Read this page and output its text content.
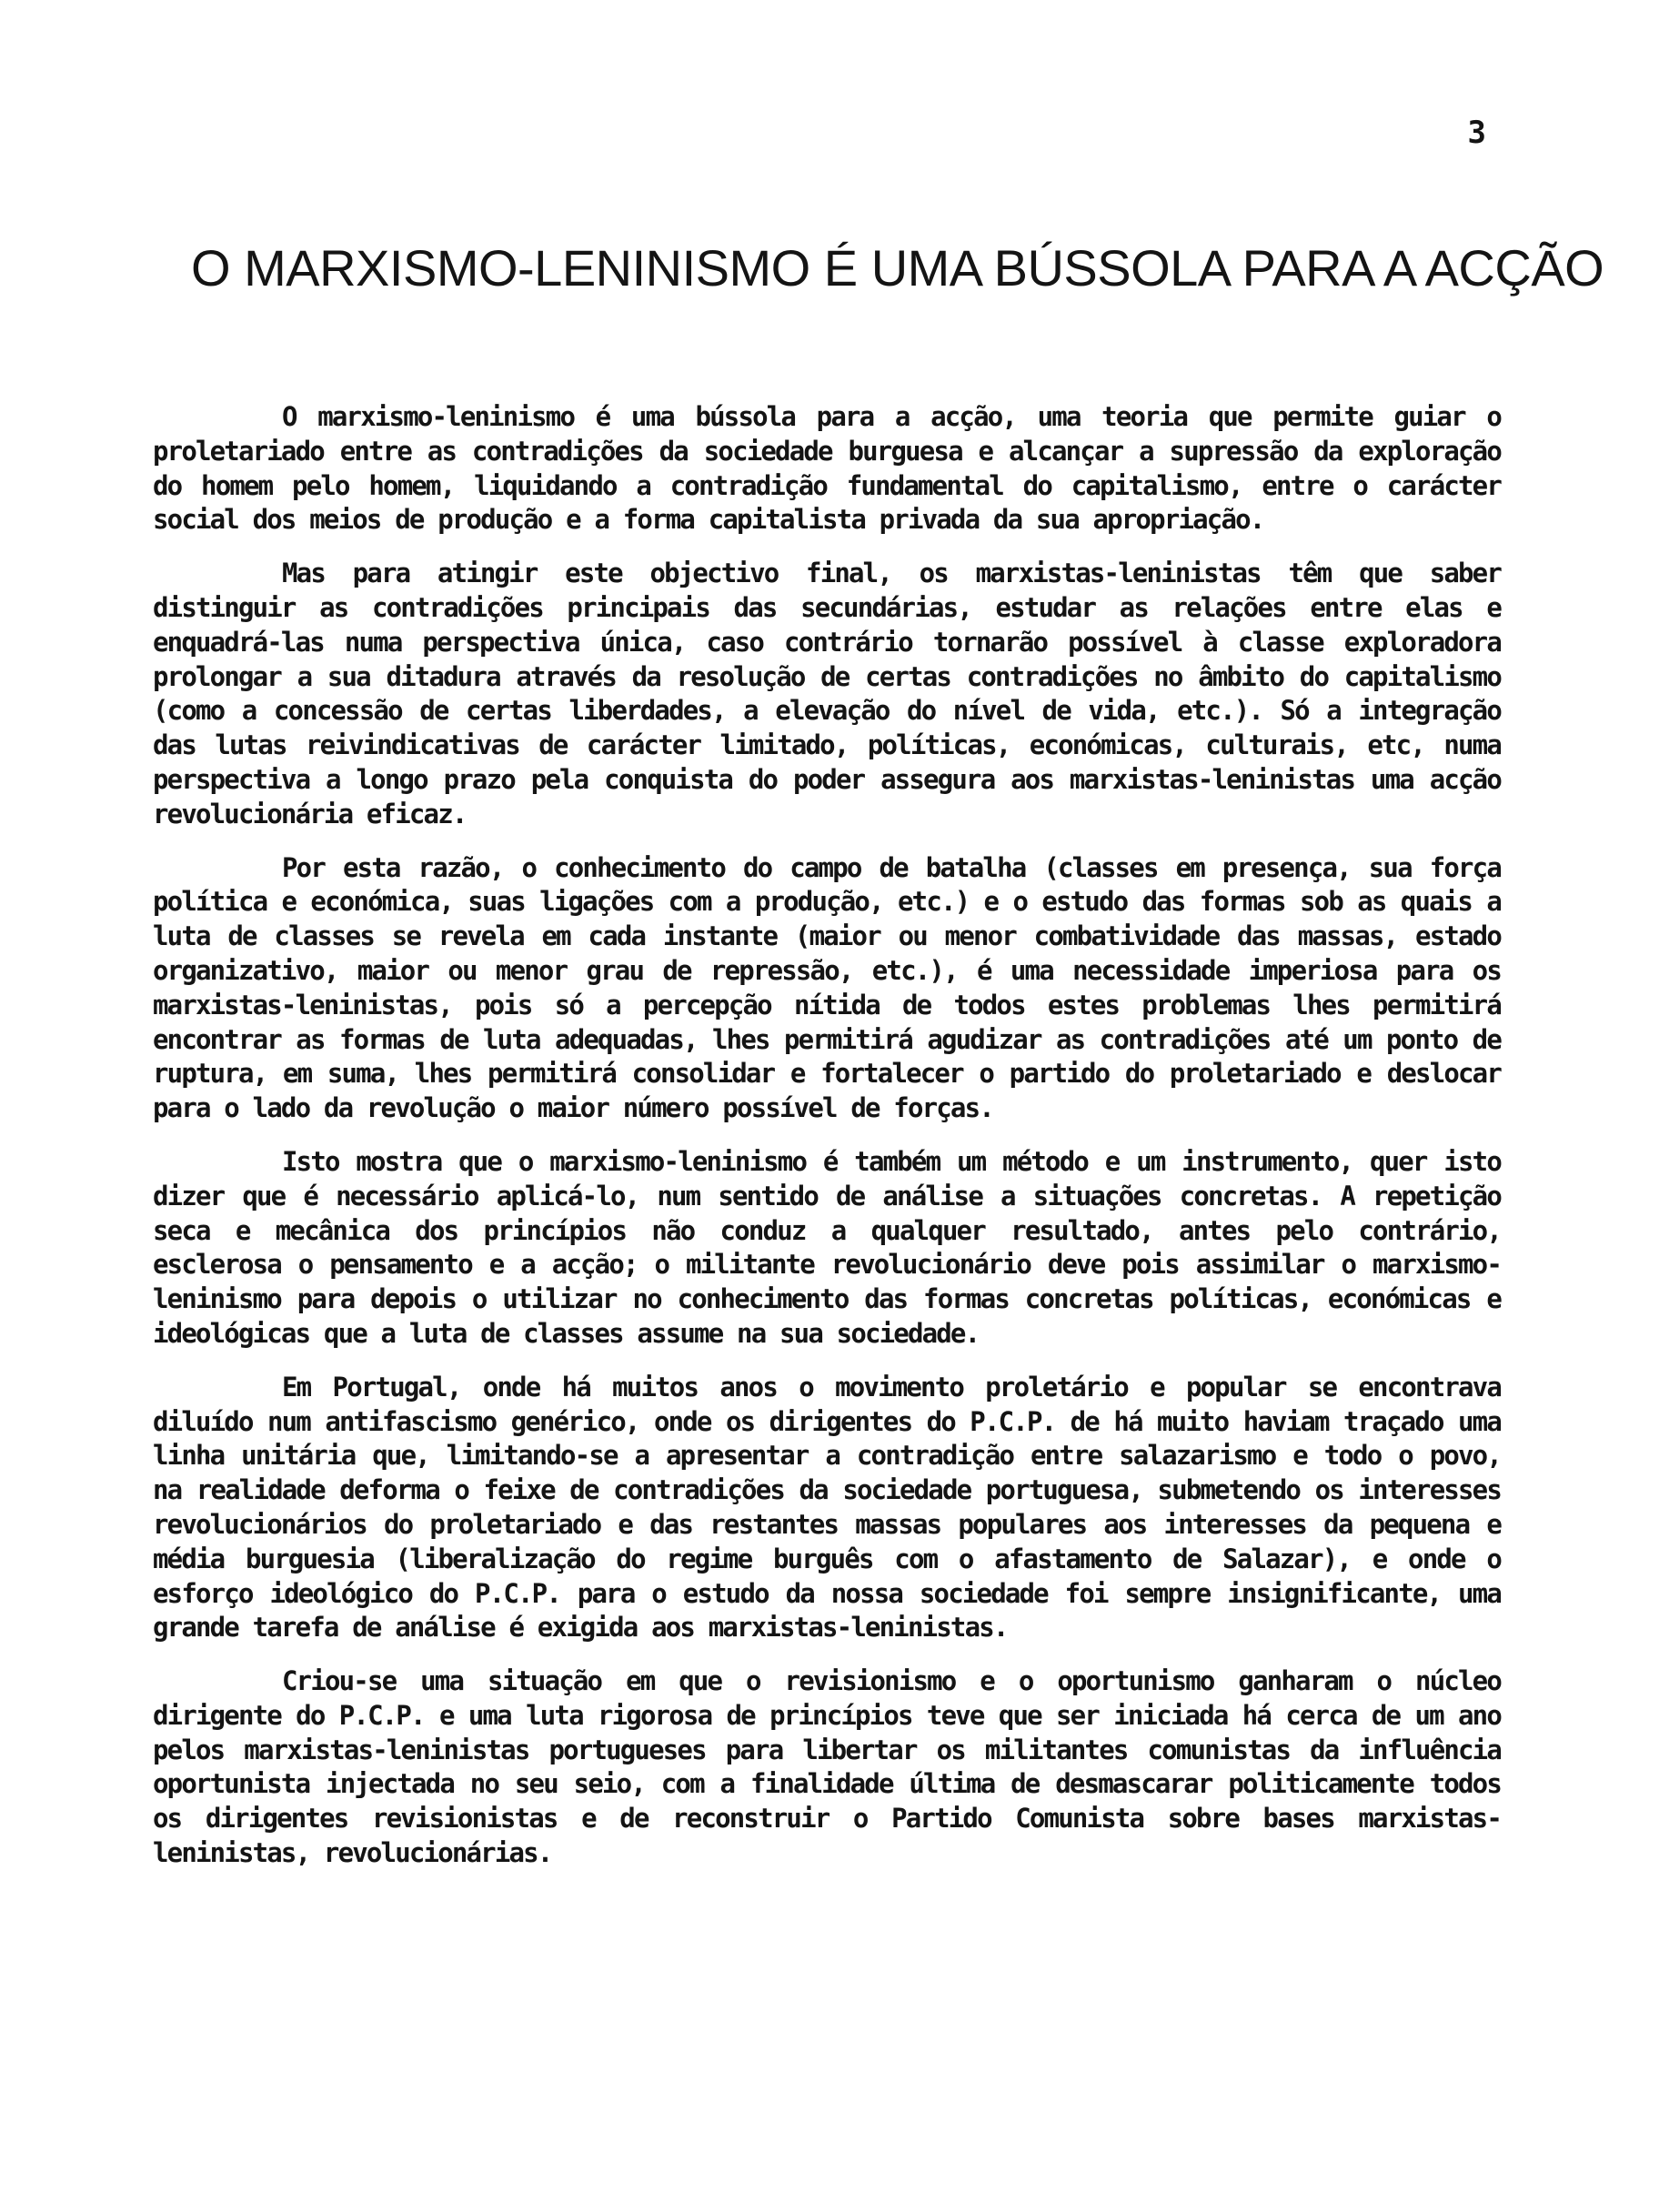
3
O MARXISMO-LENINISMO É UMA BÚSSOLA PARA A ACÇÃO

O marxismo-leninismo é uma bússola para a acção, uma teoria que permite guiar o proletariado entre as contradições da sociedade burguesa e alcançar a supressão da exploração do homem pelo homem, liquidando a contradição fundamental do capitalismo, entre o carácter social dos meios de produção e a forma capitalista privada da sua apropriação.

Mas para atingir este objectivo final, os marxistas-leninistas têm que saber distinguir as contradições principais das secundárias, estudar as relações entre elas e enquadrá-las numa perspectiva única, caso contrário tornarão possível à classe exploradora prolongar a sua ditadura através da resolução de certas contradições no âmbito do capitalismo (como a concessão de certas liberdades, a elevação do nível de vida, etc.). Só a integração das lutas reivindicativas de carácter limitado, políticas, económicas, culturais, etc, numa perspectiva a longo prazo pela conquista do poder assegura aos marxistas-leninistas uma acção revolucionária eficaz.

Por esta razão, o conhecimento do campo de batalha (classes em presença, sua força política e económica, suas ligações com a produção, etc.) e o estudo das formas sob as quais a luta de classes se revela em cada instante (maior ou menor combatividade das massas, estado organizativo, maior ou menor grau de repressão, etc.), é uma necessidade imperiosa para os marxistas-leninistas, pois só a percepção nítida de todos estes problemas lhes permitirá encontrar as formas de luta adequadas, lhes permitirá agudizar as contradições até um ponto de ruptura, em suma, lhes permitirá consolidar e fortalecer o partido do proletariado e deslocar para o lado da revolução o maior número possível de forças.

Isto mostra que o marxismo-leninismo é também um método e um instrumento, quer isto dizer que é necessário aplicá-lo, num sentido de análise a situações concretas. A repetição seca e mecânica dos princípios não conduz a qualquer resultado, antes pelo contrário, esclerosa o pensamento e a acção; o militante revolucionário deve pois assimilar o marxismo-leninismo para depois o utilizar no conhecimento das formas concretas políticas, económicas e ideológicas que a luta de classes assume na sua sociedade.

Em Portugal, onde há muitos anos o movimento proletário e popular se encontrava diluído num antifascismo genérico, onde os dirigentes do P.C.P. de há muito haviam traçado uma linha unitária que, limitando-se a apresentar a contradição entre salazarismo e todo o povo, na realidade deforma o feixe de contradições da sociedade portuguesa, submetendo os interesses revolucionários do proletariado e das restantes massas populares aos interesses da pequena e média burguesia (liberalização do regime burguês com o afastamento de Salazar), e onde o esforço ideológico do P.C.P. para o estudo da nossa sociedade foi sempre insignificante, uma grande tarefa de análise é exigida aos marxistas-leninistas.

Criou-se uma situação em que o revisionismo e o oportunismo ganharam o núcleo dirigente do P.C.P. e uma luta rigorosa de princípios teve que ser iniciada há cerca de um ano pelos marxistas-leninistas portugueses para libertar os militantes comunistas da influência oportunista injectada no seu seio, com a finalidade última de desmascarar politicamente todos os dirigentes revisionistas e de reconstruir o Partido Comunista sobre bases marxistas-leninistas, revolucionárias.
